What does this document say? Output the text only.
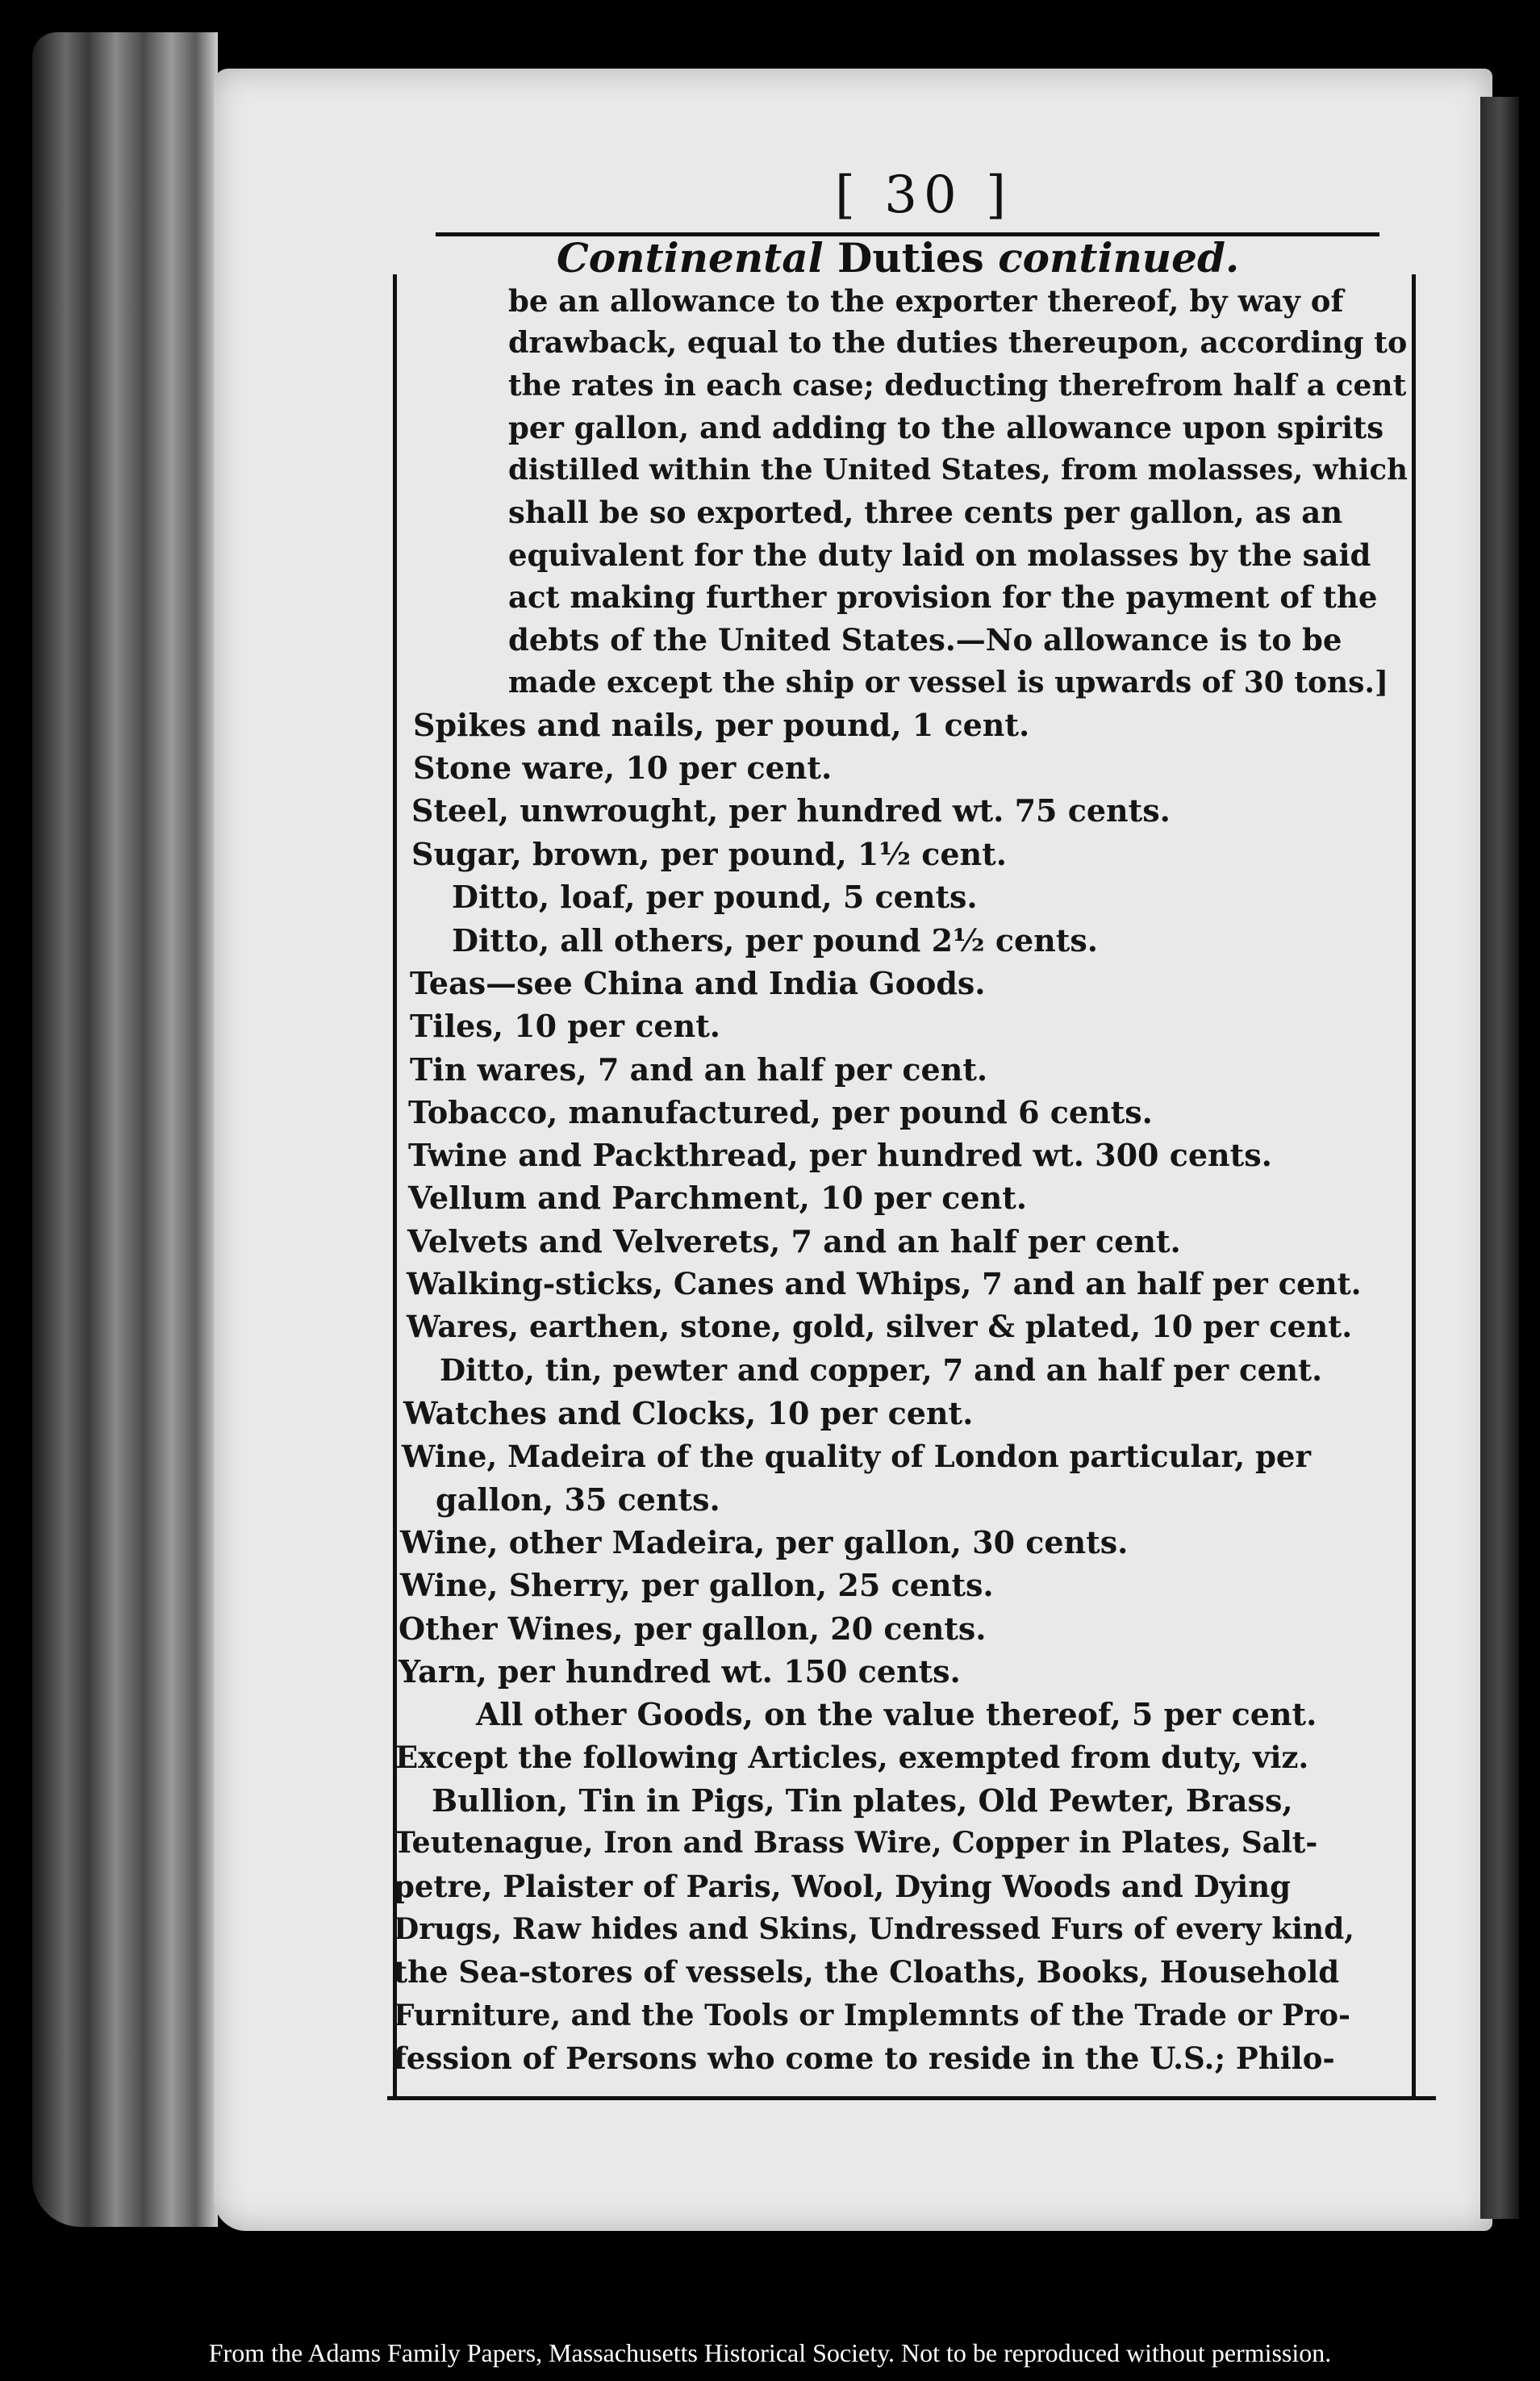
[ 30 ]
Continental Duties continued.
be an allowance to the exporter thereof, by way of
drawback, equal to the duties thereupon, according to
the rates in each case; deducting therefrom half a cent
per gallon, and adding to the allowance upon spirits
distilled within the United States, from molasses, which
shall be so exported, three cents per gallon, as an
equivalent for the duty laid on molasses by the said
act making further provision for the payment of the
debts of the United States.—No allowance is to be
made except the ship or vessel is upwards of 30 tons.]
Spikes and nails, per pound, 1 cent.
Stone ware, 10 per cent.
Steel, unwrought, per hundred wt. 75 cents.
Sugar, brown, per pound, 1½ cent.
Ditto, loaf, per pound, 5 cents.
Ditto, all others, per pound 2½ cents.
Teas—see China and India Goods.
Tiles, 10 per cent.
Tin wares, 7 and an half per cent.
Tobacco, manufactured, per pound 6 cents.
Twine and Packthread, per hundred wt. 300 cents.
Vellum and Parchment, 10 per cent.
Velvets and Velverets, 7 and an half per cent.
Walking-sticks, Canes and Whips, 7 and an half per cent.
Wares, earthen, stone, gold, silver & plated, 10 per cent.
Ditto, tin, pewter and copper, 7 and an half per cent.
Watches and Clocks, 10 per cent.
Wine, Madeira of the quality of London particular, per
gallon, 35 cents.
Wine, other Madeira, per gallon, 30 cents.
Wine, Sherry, per gallon, 25 cents.
Other Wines, per gallon, 20 cents.
Yarn, per hundred wt. 150 cents.
All other Goods, on the value thereof, 5 per cent.
Except the following Articles, exempted from duty, viz.
Bullion, Tin in Pigs, Tin plates, Old Pewter, Brass,
Teutenague, Iron and Brass Wire, Copper in Plates, Salt-
petre, Plaister of Paris, Wool, Dying Woods and Dying
Drugs, Raw hides and Skins, Undressed Furs of every kind,
the Sea-stores of vessels, the Cloaths, Books, Household
Furniture, and the Tools or Implemnts of the Trade or Pro-
fession of Persons who come to reside in the U.S.; Philo-
From the Adams Family Papers, Massachusetts Historical Society. Not to be reproduced without permission.
